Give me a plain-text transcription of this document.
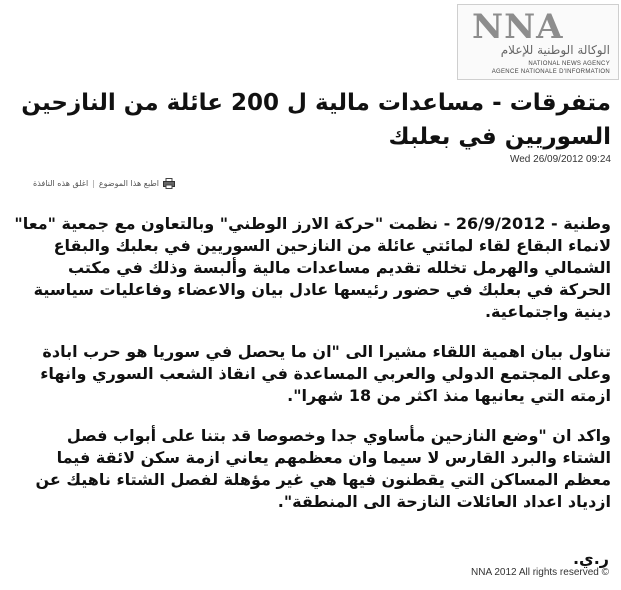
NNA
الوكالة الوطنية للإعلام
NATIONAL NEWS AGENCY
AGENCE NATIONALE D'INFORMATION
متفرقات - مساعدات مالية ل 200 عائلة من النازحين السوريين في بعلبك
Wed 26/09/2012 09:24
اطبع هذا الموضوع
|
اغلق هذه النافذة

وطنية - 26/9/2012 - نظمت "حركة الارز الوطني" وبالتعاون مع جمعية "معا" لانماء البقاع لقاء لمائتي عائلة من النازحين السوريين في بعلبك والبقاع الشمالي والهرمل تخلله تقديم مساعدات مالية وألبسة وذلك في مكتب الحركة في بعلبك في حضور رئيسها عادل بيان والاعضاء وفاعليات سياسية دينية واجتماعية.

تناول بيان اهمية اللقاء مشيرا الى "ان ما يحصل في سوريا هو حرب ابادة وعلى المجتمع الدولي والعربي المساعدة في انقاذ الشعب السوري وانهاء ازمته التي يعانيها منذ اكثر من 18 شهرا".

واكد ان "وضع النازحين مأساوي جدا وخصوصا قد بتنا على أبواب فصل الشتاء والبرد القارس لا سيما وان معظمهم يعاني ازمة سكن لائقة فيما معظم المساكن التي يقطنون فيها هي غير مؤهلة لفصل الشتاء ناهيك عن ازدياد اعداد العائلات النازحة الى المنطقة".

ر.ي.
NNA 2012 All rights reserved ©
